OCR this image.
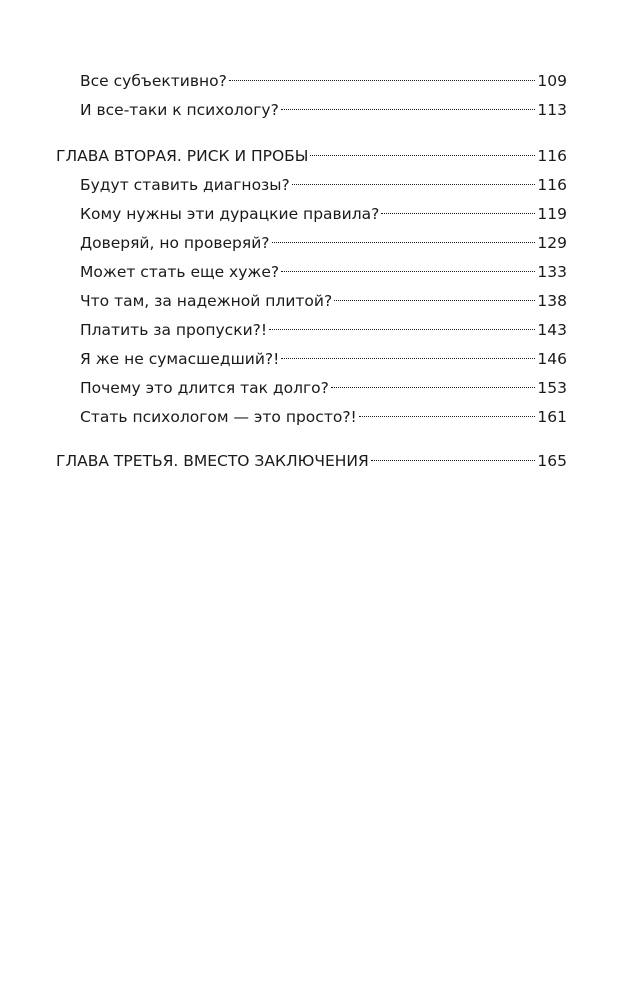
Все субъективно?	109
И все-таки к психологу?	113
ГЛАВА ВТОРАЯ. РИСК И ПРОБЫ	116
Будут ставить диагнозы?	116
Кому нужны эти дурацкие правила?	119
Доверяй, но проверяй?	129
Может стать еще хуже?	133
Что там, за надежной плитой?	138
Платить за пропуски?!	143
Я же не сумасшедший?!	146
Почему это длится так долго?	153
Стать психологом — это просто?!	161
ГЛАВА ТРЕТЬЯ. ВМЕСТО ЗАКЛЮЧЕНИЯ	165
